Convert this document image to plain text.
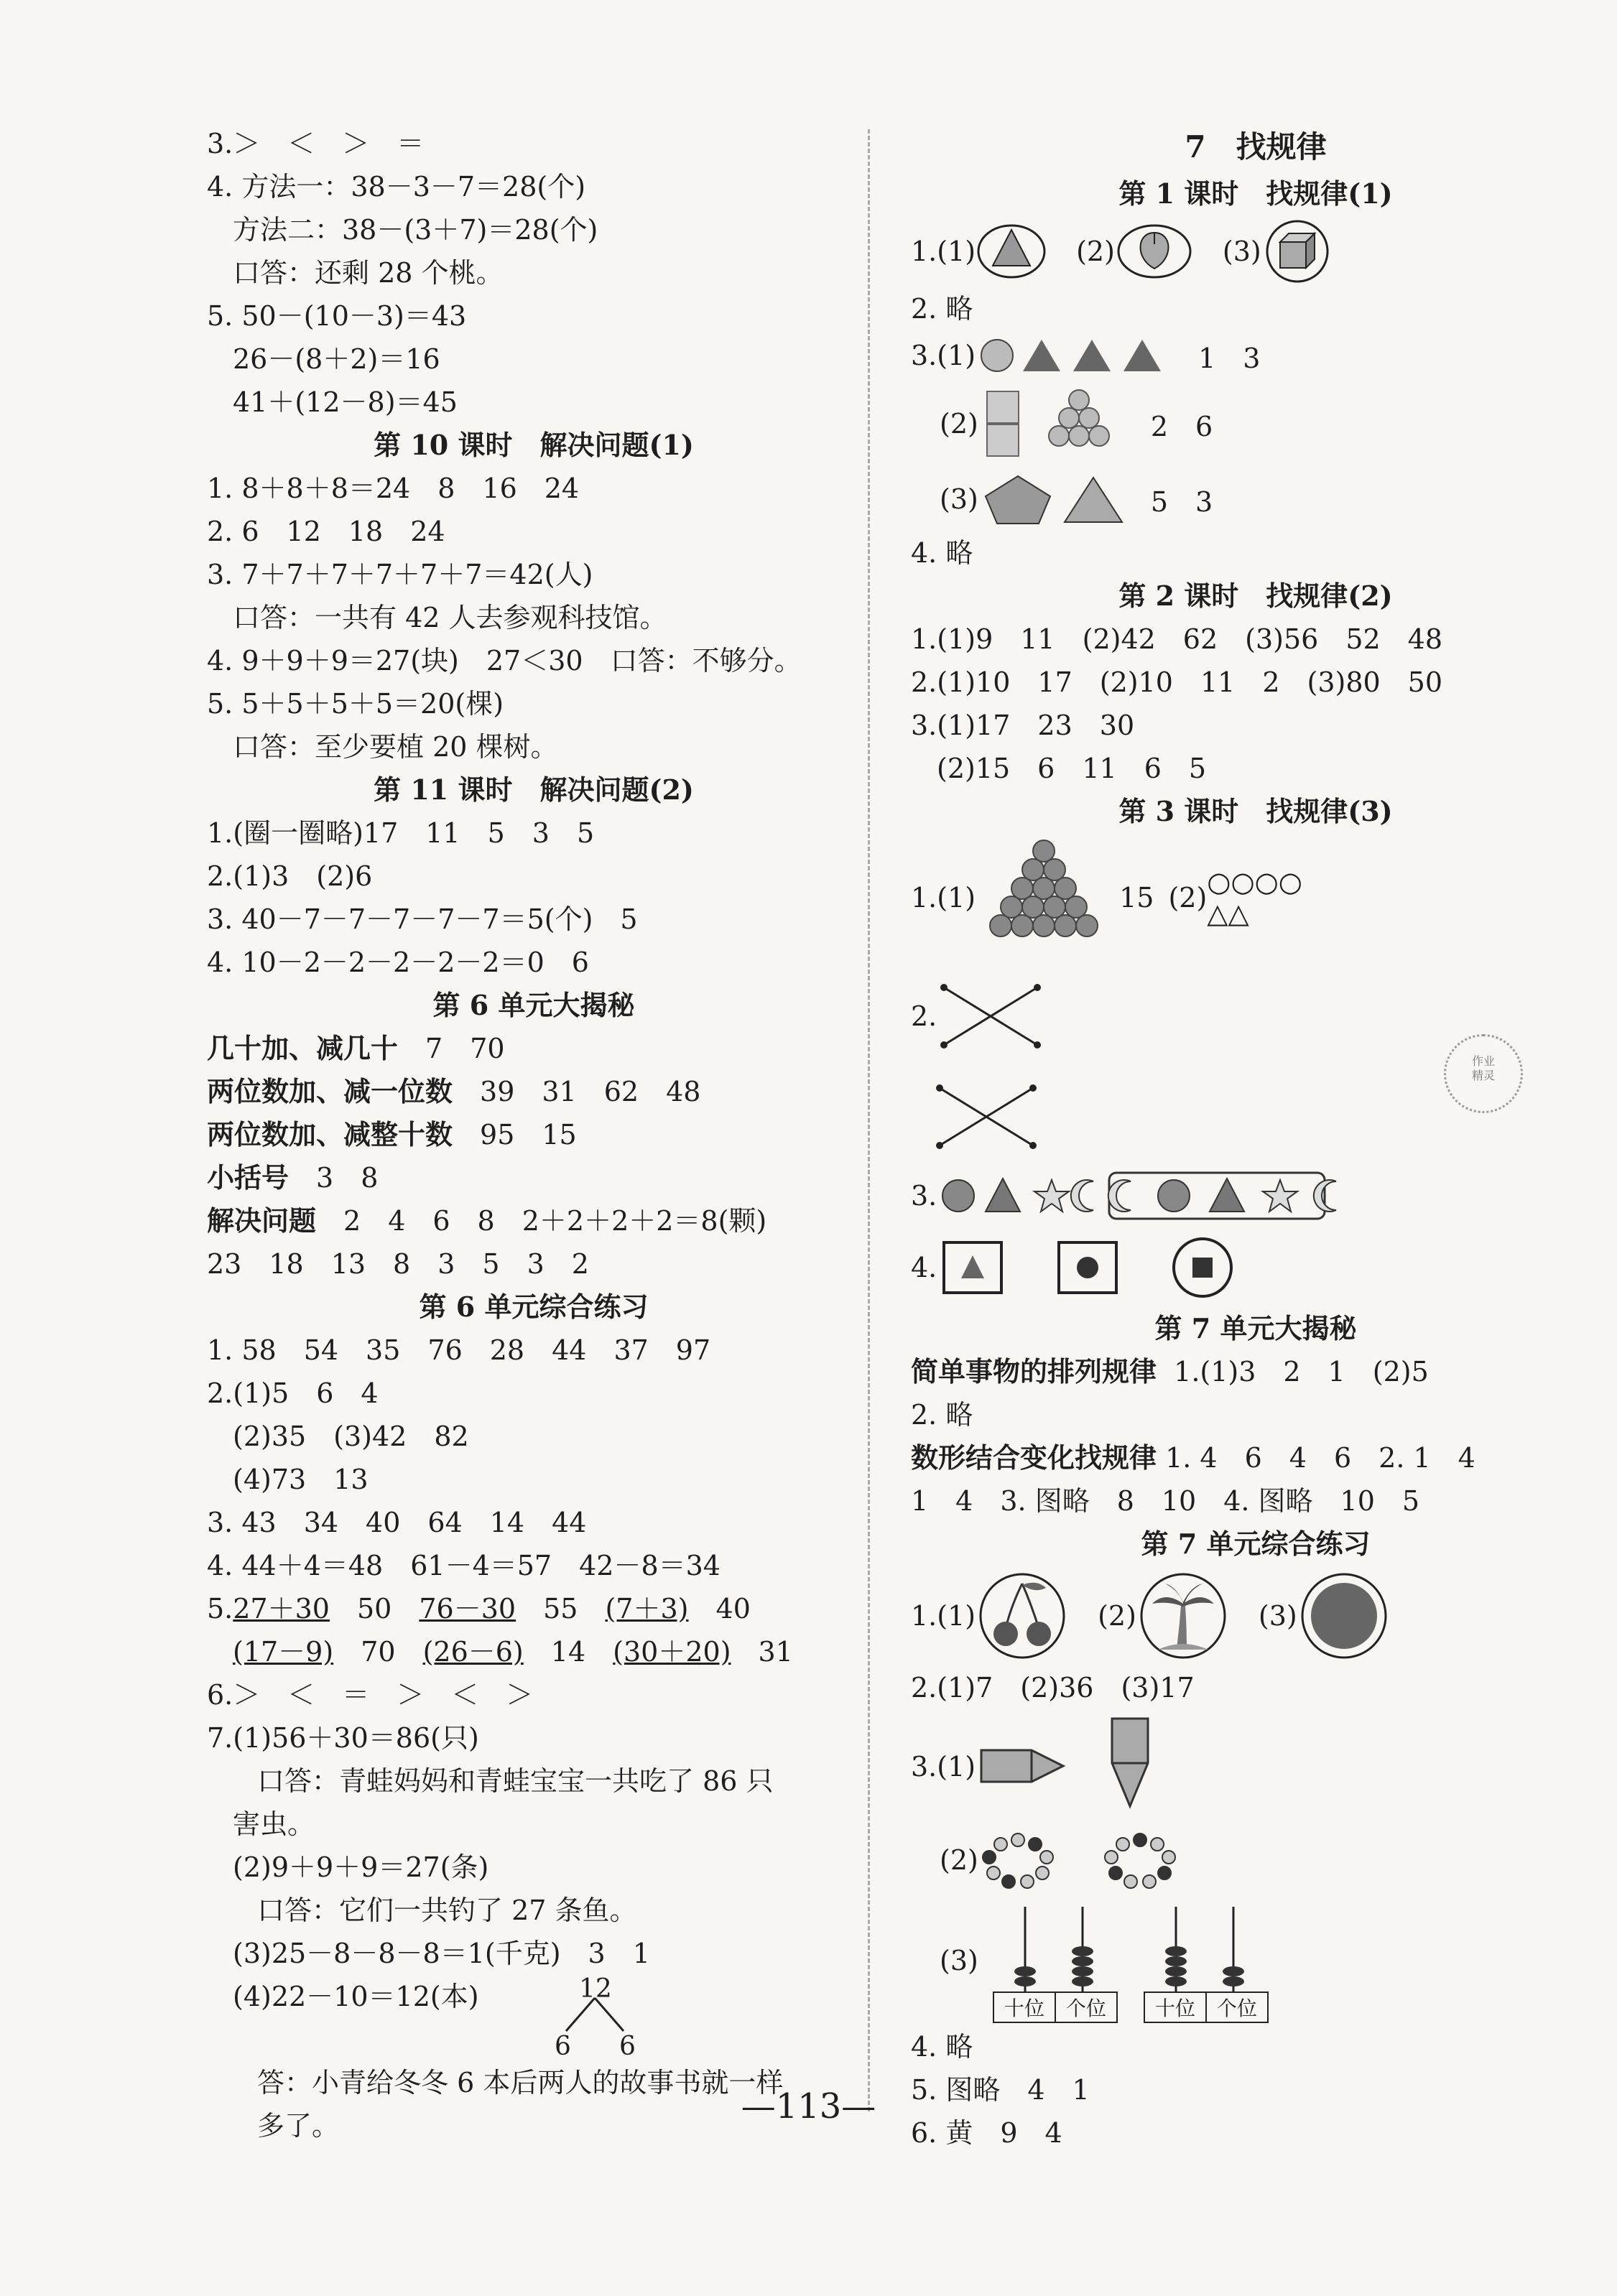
3.＞　＜　＞　＝
4. 方法一：38－3－7＝28(个)
方法二：38－(3＋7)＝28(个)
口答：还剩 28 个桃。
5. 50－(10－3)＝43
26－(8＋2)＝16
41＋(12－8)＝45
第 10 课时　解决问题(1)
1. 8＋8＋8＝24　8　16　24
2. 6　12　18　24
3. 7＋7＋7＋7＋7＋7＝42(人)
口答：一共有 42 人去参观科技馆。
4. 9＋9＋9＝27(块)　27＜30　口答：不够分。
5. 5＋5＋5＋5＝20(棵)
口答：至少要植 20 棵树。
第 11 课时　解决问题(2)
1.(圈一圈略)17　11　5　3　5
2.(1)3　(2)6
3. 40－7－7－7－7－7＝5(个)　5
4. 10－2－2－2－2－2＝0　6
第 6 单元大揭秘
几十加、减几十　7　70
两位数加、减一位数　39　31　62　48
两位数加、减整十数　95　15
小括号　3　8
解决问题　2　4　6　8　2＋2＋2＋2＝8(颗)
23　18　13　8　3　5　3　2
第 6 单元综合练习
1. 58　54　35　76　28　44　37　97
2.(1)5　6　4
(2)35　(3)42　82
(4)73　13
3. 43　34　40　64　14　44
4. 44＋4＝48　61－4＝57　42－8＝34
5.27＋30　 50　 76－30　 55　 (7＋3)　 40
(17－9)　 70　 (26－6)　 14　 (30＋20)　 31
6.＞　＜　＝　＞　＜　＞
7.(1)56＋30＝86(只)
口答：青蛙妈妈和青蛙宝宝一共吃了 86 只
害虫。
(2)9＋9＋9＝27(条)
口答：它们一共钓了 27 条鱼。
(3)25－8－8－8＝1(千克)　3　1
(4)22－10＝12(本)

	12

6

6

答：小青给冬冬 6 本后两人的故事书就一样
多了。
7　找规律
第 1 课时　找规律(1)
1. (1)	(2)	(3)
2. 略
3. (1)	1　3
(2)	2　6
(3)	5　3
4. 略
第 2 课时　找规律(2)
1.(1)9　11　(2)42　62　(3)56　52　48
2.(1)10　17　(2)10　11　2　(3)80　50
3.(1)17　23　30
(2)15　6　11　6　5
第 3 课时　找规律(3)
1. (1)	15 (2) ○○○○
△△
2.
3.
4.
第 7 单元大揭秘
简单事物的排列规律  1.(1)3　2　1　(2)5
2. 略
数形结合变化找规律 1. 4　6　4　6　2. 1　4
1　4　3. 图略　8　10　4. 图略　10　5
第 7 单元综合练习
1. (1)	(2)	(3)
2.(1)7　(2)36　(3)17
3. (1)
(2)
(3)

十位	个位

	十位	个位

4. 略
5. 图略　4　1
6. 黄　9　4
作业
精灵
—113—
